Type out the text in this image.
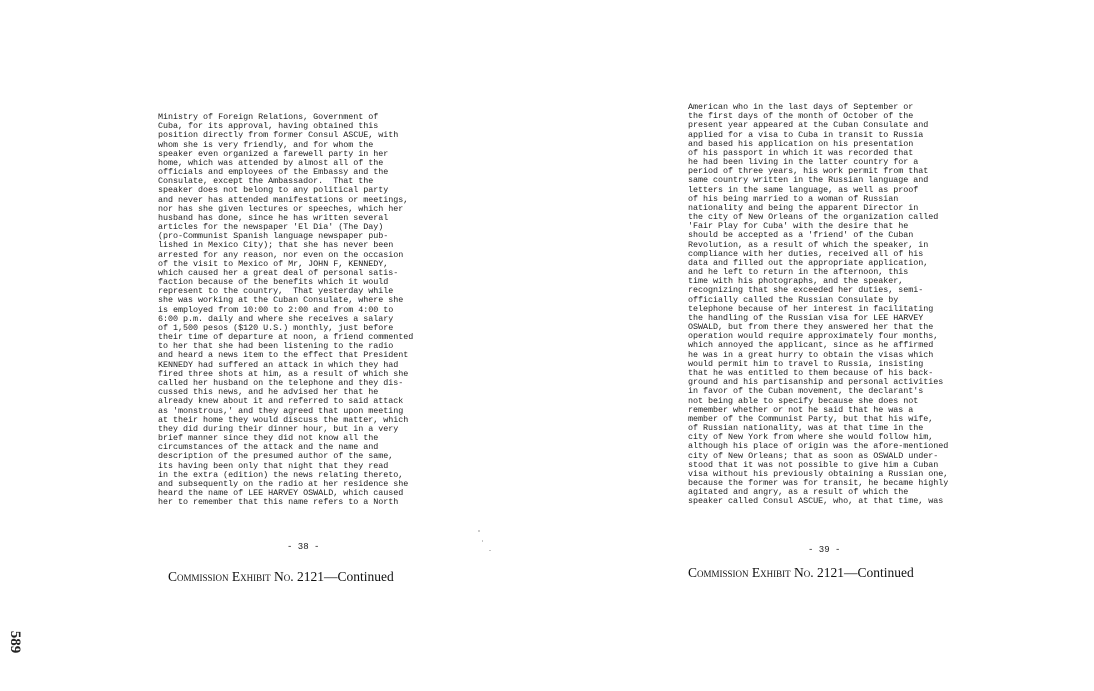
Ministry of Foreign Relations, Government of
Cuba, for its approval, having obtained this
position directly from former Consul ASCUE, with
whom she is very friendly, and for whom the
speaker even organized a farewell party in her
home, which was attended by almost all of the
officials and employees of the Embassy and the
Consulate, except the Ambassador.  That the
speaker does not belong to any political party
and never has attended manifestations or meetings,
nor has she given lectures or speeches, which her
husband has done, since he has written several
articles for the newspaper 'El Dia' (The Day)
(pro-Communist Spanish language newspaper pub-
lished in Mexico City); that she has never been
arrested for any reason, nor even on the occasion
of the visit to Mexico of Mr, JOHN F, KENNEDY,
which caused her a great deal of personal satis-
faction because of the benefits which it would
represent to the country,  That yesterday while
she was working at the Cuban Consulate, where she
is employed from 10:00 to 2:00 and from 4:00 to
6:00 p.m. daily and where she receives a salary
of 1,500 pesos ($120 U.S.) monthly, just before
their time of departure at noon, a friend commented
to her that she had been listening to the radio
and heard a news item to the effect that President
KENNEDY had suffered an attack in which they had
fired three shots at him, as a result of which she
called her husband on the telephone and they dis-
cussed this news, and he advised her that he
already knew about it and referred to said attack
as 'monstrous,' and they agreed that upon meeting
at their home they would discuss the matter, which
they did during their dinner hour, but in a very
brief manner since they did not know all the
circumstances of the attack and the name and
description of the presumed author of the same,
its having been only that night that they read
in the extra (edition) the news relating thereto,
and subsequently on the radio at her residence she
heard the name of LEE HARVEY OSWALD, which caused
her to remember that this name refers to a North
American who in the last days of September or
the first days of the month of October of the
present year appeared at the Cuban Consulate and
applied for a visa to Cuba in transit to Russia
and based his application on his presentation
of his passport in which it was recorded that
he had been living in the latter country for a
period of three years, his work permit from that
same country written in the Russian language and
letters in the same language, as well as proof
of his being married to a woman of Russian
nationality and being the apparent Director in
the city of New Orleans of the organization called
'Fair Play for Cuba' with the desire that he
should be accepted as a 'friend' of the Cuban
Revolution, as a result of which the speaker, in
compliance with her duties, received all of his
data and filled out the appropriate application,
and he left to return in the afternoon, this
time with his photographs, and the speaker,
recognizing that she exceeded her duties, semi-
officially called the Russian Consulate by
telephone because of her interest in facilitating
the handling of the Russian visa for LEE HARVEY
OSWALD, but from there they answered her that the
operation would require approximately four months,
which annoyed the applicant, since as he affirmed
he was in a great hurry to obtain the visas which
would permit him to travel to Russia, insisting
that he was entitled to them because of his back-
ground and his partisanship and personal activities
in favor of the Cuban movement, the declarant's
not being able to specify because she does not
remember whether or not he said that he was a
member of the Communist Party, but that his wife,
of Russian nationality, was at that time in the
city of New York from where she would follow him,
although his place of origin was the afore-mentioned
city of New Orleans; that as soon as OSWALD under-
stood that it was not possible to give him a Cuban
visa without his previously obtaining a Russian one,
because the former was for transit, he became highly
agitated and angry, as a result of which the
speaker called Consul ASCUE, who, at that time, was
- 38 -	- 39 -
Commission Exhibit No. 2121—Continued	Commission Exhibit No. 2121—Continued
589
